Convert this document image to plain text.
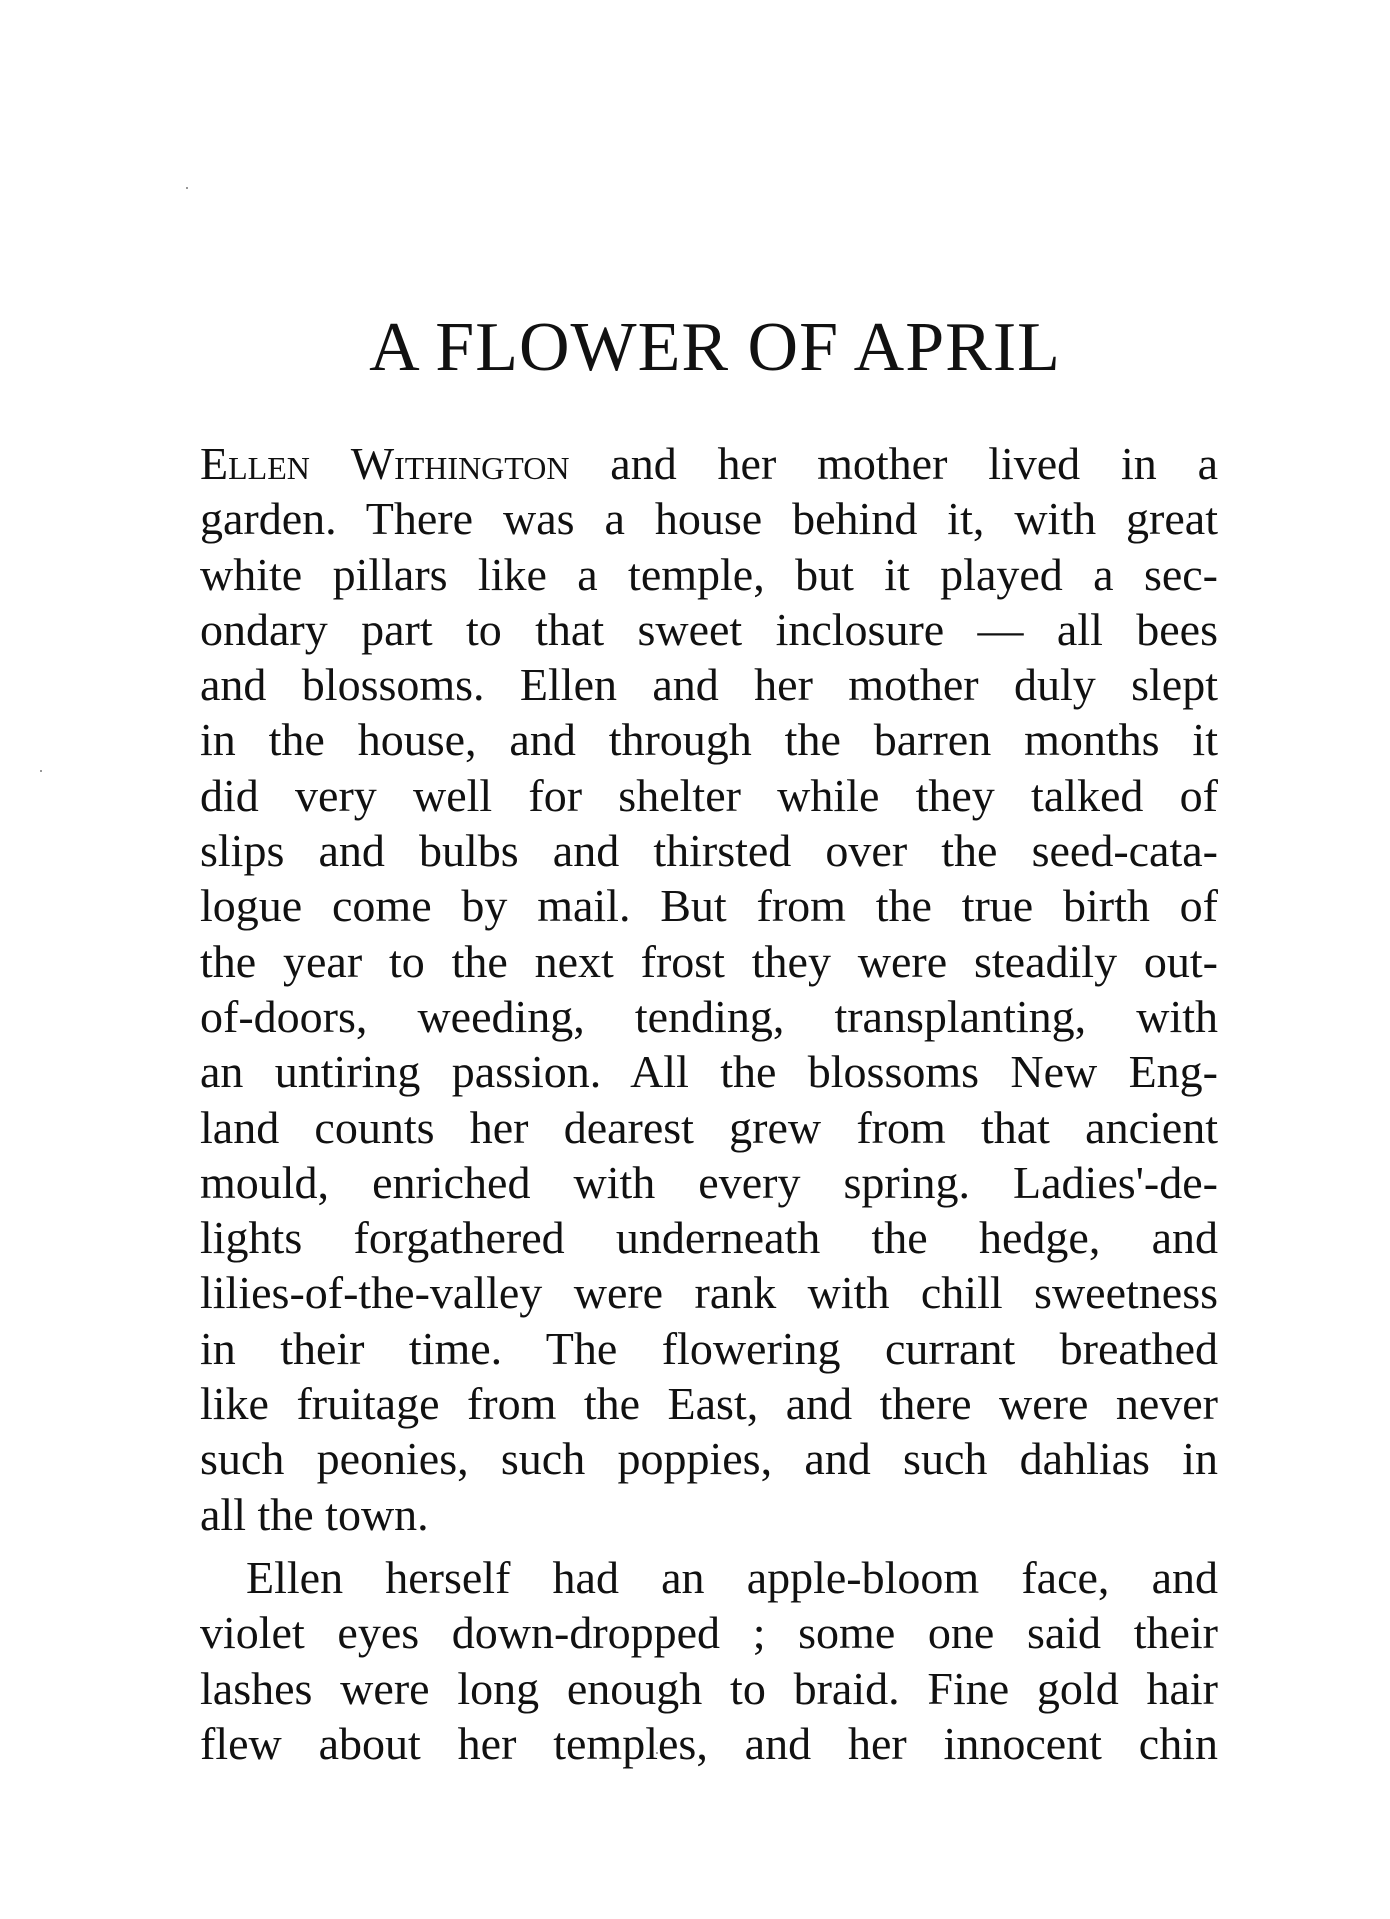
A FLOWER OF APRIL
Ellen Withington and her mother lived in a
garden. There was a house behind it, with great
white pillars like a temple, but it played a sec-
ondary part to that sweet inclosure — all bees
and blossoms. Ellen and her mother duly slept
in the house, and through the barren months it
did very well for shelter while they talked of
slips and bulbs and thirsted over the seed-cata-
logue come by mail. But from the true birth of
the year to the next frost they were steadily out-
of-doors, weeding, tending, transplanting, with
an untiring passion. All the blossoms New Eng-
land counts her dearest grew from that ancient
mould, enriched with every spring. Ladies'-de-
lights forgathered underneath the hedge, and
lilies-of-the-valley were rank with chill sweetness
in their time. The flowering currant breathed
like fruitage from the East, and there were never
such peonies, such poppies, and such dahlias in
all the town.
Ellen herself had an apple-bloom face, and
violet eyes down-dropped ; some one said their
lashes were long enough to braid. Fine gold hair
flew about her temples, and her innocent chin
